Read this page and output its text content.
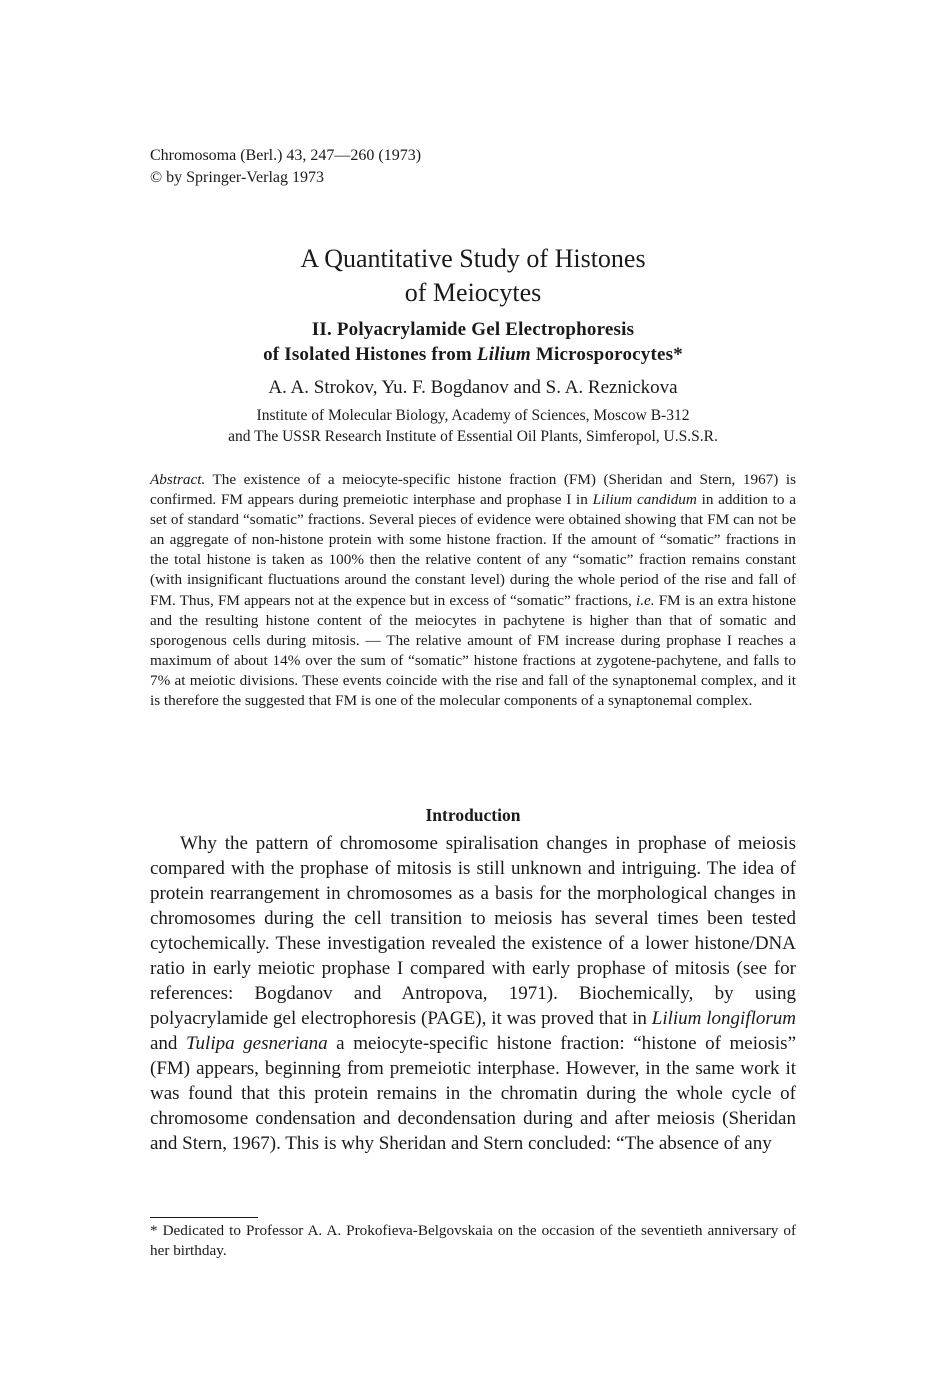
Chromosoma (Berl.) 43, 247—260 (1973)
© by Springer-Verlag 1973
A Quantitative Study of Histones
of Meiocytes
II. Polyacrylamide Gel Electrophoresis
of Isolated Histones from Lilium Microsporocytes*
A. A. Strokov, Yu. F. Bogdanov and S. A. Reznickova
Institute of Molecular Biology, Academy of Sciences, Moscow B-312
and The USSR Research Institute of Essential Oil Plants, Simferopol, U.S.S.R.
Abstract. The existence of a meiocyte-specific histone fraction (FM) (Sheridan and Stern, 1967) is confirmed. FM appears during premeiotic interphase and prophase I in Lilium candidum in addition to a set of standard “somatic” fractions. Several pieces of evidence were obtained showing that FM can not be an aggregate of non-histone protein with some histone fraction. If the amount of “somatic” fractions in the total histone is taken as 100% then the relative content of any “somatic” fraction remains constant (with insignificant fluctuations around the constant level) during the whole period of the rise and fall of FM. Thus, FM appears not at the expence but in excess of “somatic” fractions, i.e. FM is an extra histone and the resulting histone content of the meiocytes in pachytene is higher than that of somatic and sporogenous cells during mitosis. — The relative amount of FM increase during prophase I reaches a maximum of about 14% over the sum of “somatic” histone fractions at zygotene-pachytene, and falls to 7% at meiotic divisions. These events coincide with the rise and fall of the synaptonemal complex, and it is therefore the suggested that FM is one of the molecular components of a synaptonemal complex.
Introduction

Why the pattern of chromosome spiralisation changes in prophase of meiosis compared with the prophase of mitosis is still unknown and intriguing. The idea of protein rearrangement in chromosomes as a basis for the morphological changes in chromosomes during the cell transition to meiosis has several times been tested cytochemically. These investigation revealed the existence of a lower histone/DNA ratio in early meiotic prophase I compared with early prophase of mitosis (see for references: Bogdanov and Antropova, 1971). Biochemically, by using polyacrylamide gel electrophoresis (PAGE), it was proved that in Lilium longiflorum and Tulipa gesneriana a meiocyte-specific histone fraction: “histone of meiosis” (FM) appears, beginning from premeiotic interphase. However, in the same work it was found that this protein remains in the chromatin during the whole cycle of chromosome condensation and decondensation during and after meiosis (Sheridan and Stern, 1967). This is why Sheridan and Stern concluded: “The absence of any

* Dedicated to Professor A. A. Prokofieva-Belgovskaia on the occasion of the seventieth anniversary of her birthday.
